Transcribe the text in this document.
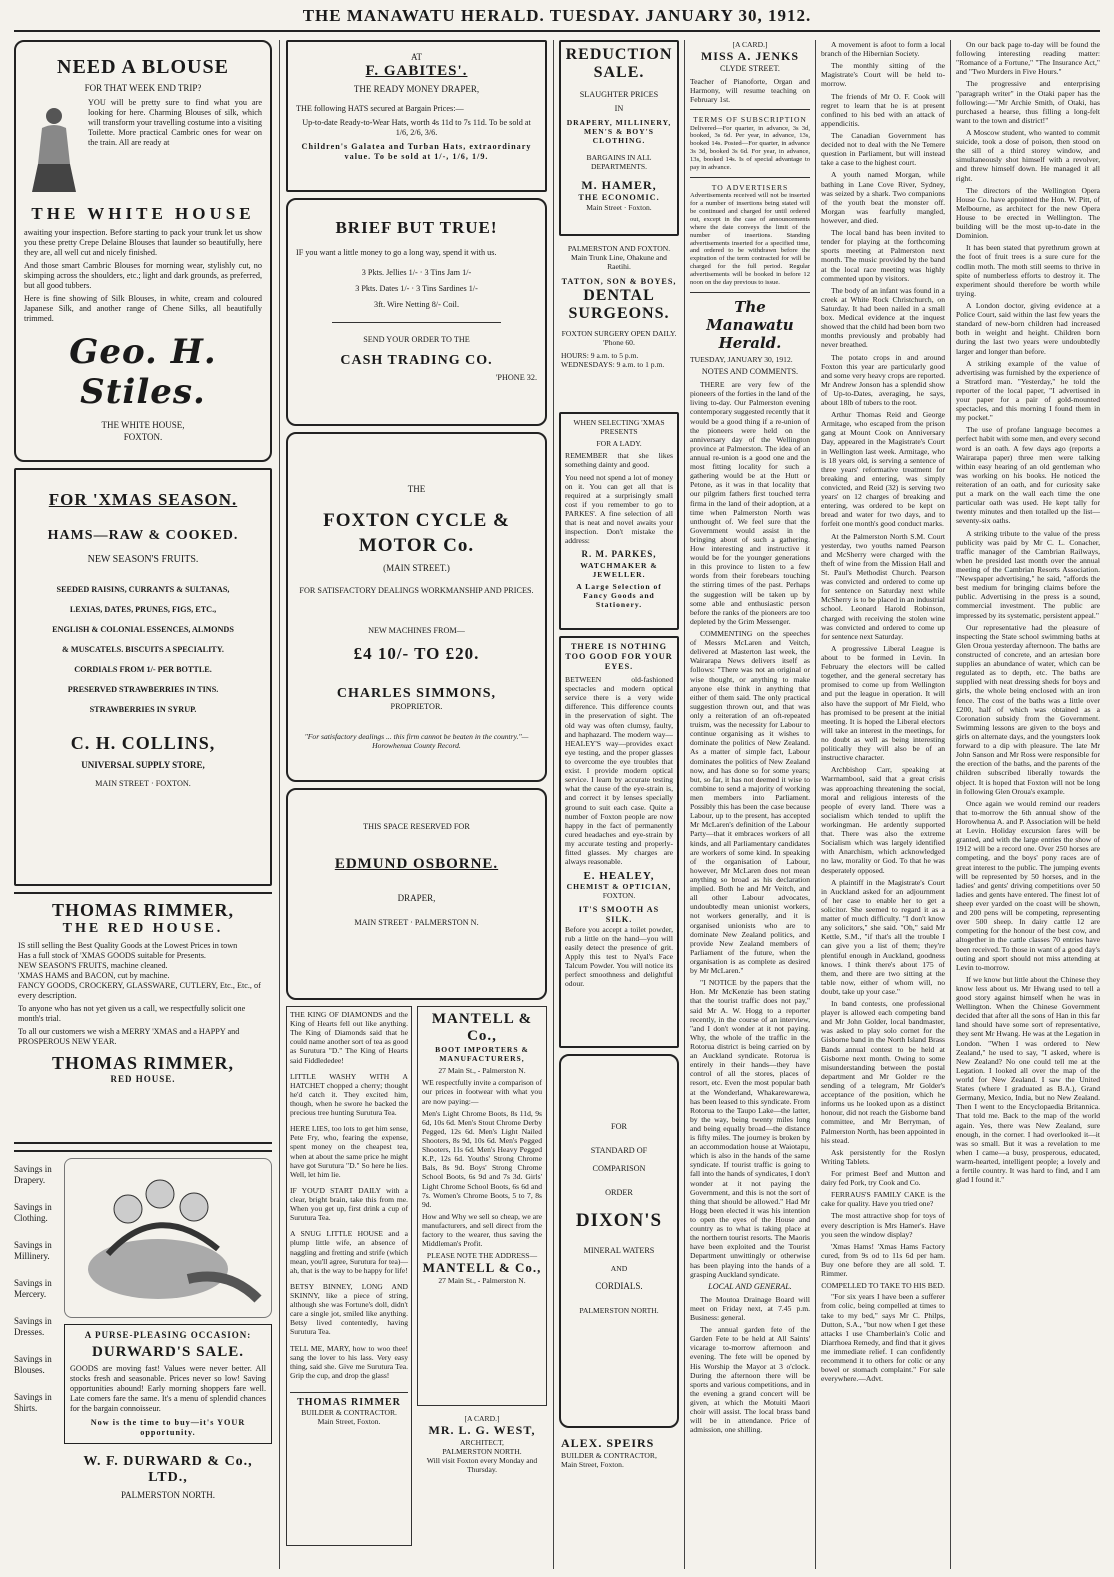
THE MANAWATU HERALD. TUESDAY. JANUARY 30, 1912.
NEED A BLOUSE
FOR THAT WEEK END TRIP?
YOU will be pretty sure to find what you are looking for here. Charming Blouses of silk, which will transform your travelling costume into a visiting Toilette. More practical Cambric ones for wear on the train. All are ready at
THE WHITE HOUSE
awaiting your inspection. Before starting to pack your trunk let us show you these pretty Crepe Delaine Blouses that launder so beautifully, here they are, all well cut and nicely finished.
And those smart Cambric Blouses for morning wear, stylishly cut, no skimping across the shoulders, etc.; light and dark grounds, as preferred, but all good tubbers.
Here is fine showing of Silk Blouses, in white, cream and coloured Japanese Silk, and another range of Chene Silks, all beautifully trimmed.
Geo. H. Stiles.
THE WHITE HOUSE,
FOXTON.
FOR 'XMAS SEASON.
HAMS—RAW & COOKED.
NEW SEASON'S FRUITS.
SEEDED RAISINS, CURRANTS & SULTANAS,
LEXIAS, DATES, PRUNES, FIGS, ETC.,
ENGLISH & COLONIAL ESSENCES, ALMONDS
& MUSCATELS. BISCUITS A SPECIALITY.
CORDIALS FROM 1/- PER BOTTLE.
PRESERVED STRAWBERRIES IN TINS.
STRAWBERRIES IN SYRUP.
C. H. COLLINS,
UNIVERSAL SUPPLY STORE,
MAIN STREET · FOXTON.
THOMAS RIMMER,
THE RED HOUSE.
IS still selling the Best Quality Goods at the Lowest Prices in town
Has a full stock of 'XMAS GOODS suitable for Presents.
NEW SEASON'S FRUITS, machine cleaned.
'XMAS HAMS and BACON, cut by machine.
FANCY GOODS, CROCKERY, GLASSWARE, CUTLERY, Etc., Etc., of every description.
To anyone who has not yet given us a call, we respectfully solicit one month's trial.
To all our customers we wish a MERRY 'XMAS and a HAPPY and PROSPEROUS NEW YEAR.
THOMAS RIMMER,
RED HOUSE.
Savings in Drapery.
Savings in Clothing.
Savings in Millinery.
Savings in Mercery.
Savings in Dresses.
Savings in Blouses.
Savings in Shirts.
A PURSE-PLEASING OCCASION:
DURWARD'S SALE.
GOODS are moving fast! Values were never better. All stocks fresh and seasonable. Prices never so low! Saving opportunities abound! Early morning shoppers fare well. Late comers fare the same. It's a menu of splendid chances for the bargain connoisseur.
Now is the time to buy—it's YOUR opportunity.
W. F. DURWARD & Co., LTD.,
PALMERSTON NORTH.
AT
F. GABITES'.
THE READY MONEY DRAPER,
THE following HATS secured at Bargain Prices:—
Up-to-date Ready-to-Wear Hats, worth 4s 11d to 7s 11d. To be sold at 1/6, 2/6, 3/6.
Children's Galatea and Turban Hats, extraordinary value. To be sold at 1/-, 1/6, 1/9.
BRIEF BUT TRUE!
IF you want a little money to go a long way, spend it with us.
3 Pkts. Jellies 1/- · 3 Tins Jam 1/-
3 Pkts. Dates 1/- · 3 Tins Sardines 1/-
3ft. Wire Netting 8/- Coil.
SEND YOUR ORDER TO THE
CASH TRADING CO.
'PHONE 32.
THE
FOXTON CYCLE & MOTOR Co.
(MAIN STREET.)
FOR SATISFACTORY DEALINGS WORKMANSHIP AND PRICES.
NEW MACHINES FROM—
£4 10/- TO £20.
CHARLES SIMMONS,
PROPRIETOR.
"For satisfactory dealings ... this firm cannot be beaten in the country."—Horowhenua County Record.
THIS SPACE RESERVED FOR
EDMUND OSBORNE.
DRAPER,
MAIN STREET · PALMERSTON N.
THE KING OF DIAMONDS and the King of Hearts fell out like anything. The King of Diamonds said that he could name another sort of tea as good as Surutura "D." The King of Hearts said Fiddlededee!
LITTLE WASHY WITH A HATCHET chopped a cherry; thought he'd catch it. They excited him, though, when he swore he backed the precious tree hunting Surutura Tea.
HERE LIES, too lots to get him sense, Pete Fry, who, fearing the expense, spent money on the cheapest tea, when at about the same price he might have got Surutura "D." So here he lies. Well, let him lie.
IF YOU'D START DAILY with a clear, bright brain, take this from me. When you get up, first drink a cup of Surutura Tea.
A SNUG LITTLE HOUSE and a plump little wife, an absence of naggling and fretting and strife (which mean, you'll agree, Surutura for tea)—ah, that is the way to be happy for life!
BETSY BINNEY, LONG AND SKINNY, like a piece of string, although she was Fortune's doll, didn't care a single jot, smiled like anything. Betsy lived contentedly, having Surutura Tea.
TELL ME, MARY, how to woo thee! sang the lover to his lass. Very easy thing, said she. Give me Surutura Tea. Grip the cup, and drop the glass!
THOMAS RIMMER
BUILDER & CONTRACTOR.
Main Street, Foxton.
MANTELL & Co.,
BOOT IMPORTERS & MANUFACTURERS,
27 Main St., - Palmerston N.
WE respectfully invite a comparison of our prices in footwear with what you are now paying:—
Men's Light Chrome Boots, 8s 11d, 9s 6d, 10s 6d. Men's Stout Chrome Derby Pegged, 12s 6d. Men's Light Nailed Shooters, 8s 9d, 10s 6d. Men's Pegged Shooters, 11s 6d. Men's Heavy Pegged K.P., 12s 6d. Youths' Strong Chrome Bals, 8s 9d. Boys' Strong Chrome School Boots, 6s 9d and 7s 3d. Girls' Light Chrome School Boots, 6s 6d and 7s. Women's Chrome Boots, 5 to 7, 8s 9d.
How and Why we sell so cheap, we are manufacturers, and sell direct from the factory to the wearer, thus saving the Middleman's Profit.
PLEASE NOTE THE ADDRESS—
MANTELL & Co.,
27 Main St., - Palmerston N.
[A CARD.]
MR. L. G. WEST,
ARCHITECT,
PALMERSTON NORTH.
Will visit Foxton every Monday and Thursday.
REDUCTION
SALE.
SLAUGHTER PRICES
IN
DRAPERY, MILLINERY, MEN'S & BOY'S CLOTHING.
BARGAINS IN ALL DEPARTMENTS.
M. HAMER,
THE ECONOMIC.
Main Street · Foxton.
PALMERSTON AND FOXTON.
Main Trunk Line, Ohakune and Raetihi.
TATTON, SON & BOYES,
DENTAL SURGEONS.
FOXTON SURGERY OPEN DAILY.
'Phone 60.
HOURS: 9 a.m. to 5 p.m.
WEDNESDAYS: 9 a.m. to 1 p.m.
WHEN SELECTING 'XMAS PRESENTS
FOR A LADY.
REMEMBER that she likes something dainty and good.
You need not spend a lot of money on it. You can get all that is required at a surprisingly small cost if you remember to go to PARKES'. A fine selection of all that is neat and novel awaits your inspection. Don't mistake the address:
R. M. PARKES,
WATCHMAKER & JEWELLER.
A Large Selection of Fancy Goods and Stationery.
THERE IS NOTHING TOO GOOD FOR YOUR EYES.
BETWEEN old-fashioned spectacles and modern optical service there is a very wide difference. This difference counts in the preservation of sight. The old way was often clumsy, faulty, and haphazard. The modern way—HEALEY'S way—provides exact eye testing, and the proper glasses to overcome the eye troubles that exist. I provide modern optical service. I learn by accurate testing what the cause of the eye-strain is, and correct it by lenses specially ground to suit each case. Quite a number of Foxton people are now happy in the fact of permanently cured headaches and eye-strain by my accurate testing and properly-fitted glasses. My charges are always reasonable.
E. HEALEY,
CHEMIST & OPTICIAN,
FOXTON.
IT'S SMOOTH AS SILK.
Before you accept a toilet powder, rub a little on the hand—you will easily detect the presence of grit. Apply this test to Nyal's Face Talcum Powder. You will notice its perfect smoothness and delightful odour.
FOR
STANDARD OF
COMPARISON
ORDER
DIXON'S
MINERAL WATERS
AND
CORDIALS.
PALMERSTON NORTH.
ALEX. SPEIRS
BUILDER & CONTRACTOR,
Main Street, Foxton.
[A CARD.]
MISS A. JENKS
CLYDE STREET.
Teacher of Pianoforte, Organ and Harmony, will resume teaching on February 1st.
TERMS OF SUBSCRIPTION
Delivered—For quarter, in advance, 3s 3d, booked, 3s 6d. Per year, in advance, 13s, booked 14s. Posted—For quarter, in advance 3s 3d, booked 3s 6d. For year, in advance, 13s, booked 14s. Is of special advantage to pay in advance.
TO ADVERTISERS
Advertisements received will not be inserted for a number of insertions being stated will be continued and charged for until ordered out, except in the case of announcements where the date conveys the limit of the number of insertions. Standing advertisements inserted for a specified time, and ordered to be withdrawn before the expiration of the term contracted for will be charged for the full period. Regular advertisements will be booked in before 12 noon on the day previous to issue.
The Manawatu Herald.
TUESDAY, JANUARY 30, 1912.
NOTES AND COMMENTS.
THERE are very few of the pioneers of the forties in the land of the living to-day. Our Palmerston evening contemporary suggested recently that it would be a good thing if a re-union of the pioneers were held on the anniversary day of the Wellington province at Palmerston. The idea of an annual re-union is a good one and the most fitting locality for such a gathering would be at the Hutt or Petone, as it was in that locality that our pilgrim fathers first touched terra firma in the land of their adoption, at a time when Palmerston North was unthought of. We feel sure that the Government would assist in the bringing about of such a gathering. How interesting and instructive it would be for the younger generations in this province to listen to a few words from their forebears touching the stirring times of the past. Perhaps the suggestion will be taken up by some able and enthusiastic person before the ranks of the pioneers are too depleted by the Grim Messenger.
COMMENTING on the speeches of Messrs McLaren and Veitch, delivered at Masterton last week, the Wairarapa News delivers itself as follows: "There was not an original or wise thought, or anything to make anyone else think in anything that either of them said. The only practical suggestion thrown out, and that was only a reiteration of an oft-repeated truism, was the necessity for Labour to continue organising as it wishes to dominate the politics of New Zealand. As a matter of simple fact, Labour dominates the politics of New Zealand now, and has done so for some years; but, so far, it has not deemed it wise to combine to send a majority of working men members into Parliament. Possibly this has been the case because Labour, up to the present, has accepted Mr McLaren's definition of the Labour Party—that it embraces workers of all kinds, and all Parliamentary candidates are workers of some kind. In speaking of the organisation of Labour, however, Mr McLaren does not mean anything so broad as his declaration implied. Both he and Mr Veitch, and all other Labour advocates, undoubtedly mean unionist workers, not workers generally, and it is organised unionists who are to dominate New Zealand politics, and provide New Zealand members of Parliament of the future, when the organisation is as complete as desired by Mr McLaren."
"I NOTICE by the papers that the Hon. Mr McKenzie has been stating that the tourist traffic does not pay," said Mr A. W. Hogg to a reporter recently, in the course of an interview, "and I don't wonder at it not paying. Why, the whole of the traffic in the Rotorua district is being carried on by an Auckland syndicate. Rotorua is entirely in their hands—they have control of all the stores, places of resort, etc. Even the most popular bath at the Wonderland, Whakarewarewa, has been leased to this syndicate. From Rotorua to the Taupo Lake—the latter, by the way, being twenty miles long and being equally broad—the distance is fifty miles. The journey is broken by an accommodation house at Waiotapu, which is also in the hands of the same syndicate. If tourist traffic is going to fall into the hands of syndicates, I don't wonder at it not paying the Government, and this is not the sort of thing that should be allowed." Had Mr Hogg been elected it was his intention to open the eyes of the House and country as to what is taking place at the northern tourist resorts. The Maoris have been exploited and the Tourist Department unwittingly or otherwise has been playing into the hands of a grasping Auckland syndicate.
LOCAL AND GENERAL.
The Moutoa Drainage Board will meet on Friday next, at 7.45 p.m. Business: general.
The annual garden fete of the Garden Fete to be held at All Saints' vicarage to-morrow afternoon and evening. The fete will be opened by His Worship the Mayor at 3 o'clock. During the afternoon there will be sports and various competitions, and in the evening a grand concert will be given, at which the Motuiti Maori choir will assist. The local brass band will be in attendance. Price of admission, one shilling.
A movement is afoot to form a local branch of the Hibernian Society.
The monthly sitting of the Magistrate's Court will be held to-morrow.
The friends of Mr O. F. Cook will regret to learn that he is at present confined to his bed with an attack of appendicitis.
The Canadian Government has decided not to deal with the Ne Temere question in Parliament, but will instead take a case to the highest court.
A youth named Morgan, while bathing in Lane Cove River, Sydney, was seized by a shark. Two companions of the youth beat the monster off. Morgan was fearfully mangled, however, and died.
The local band has been invited to tender for playing at the forthcoming sports meeting at Palmerston next month. The music provided by the band at the local race meeting was highly commented upon by visitors.
The body of an infant was found in a creek at White Rock Christchurch, on Saturday. It had been nailed in a small box. Medical evidence at the inquest showed that the child had been born two months previously and probably had never breathed.
The potato crops in and around Foxton this year are particularly good and some very heavy crops are reported. Mr Andrew Jonson has a splendid show of Up-to-Dates, averaging, he says, about 18lb of tubers to the root.
Arthur Thomas Reid and George Armitage, who escaped from the prison gang at Mount Cook on Anniversary Day, appeared in the Magistrate's Court in Wellington last week. Armitage, who is 18 years old, is serving a sentence of three years' reformative treatment for breaking and entering, was simply convicted, and Reid (32) is serving two years' on 12 charges of breaking and entering, was ordered to be kept on bread and water for two days, and to forfeit one month's good conduct marks.
At the Palmerston North S.M. Court yesterday, two youths named Pearson and McSherry were charged with the theft of wine from the Mission Hall and St. Paul's Methodist Church. Pearson was convicted and ordered to come up for sentence on Saturday next while McSherry is to be placed in an industrial school. Leonard Harold Robinson, charged with receiving the stolen wine was convicted and ordered to come up for sentence next Saturday.
A progressive Liberal League is about to be formed in Levin. In February the electors will be called together, and the general secretary has promised to come up from Wellington and put the league in operation. It will also have the support of Mr Field, who has promised to be present at the initial meeting. It is hoped the Liberal electors will take an interest in the meetings, for no doubt as well as being interesting politically they will also be of an instructive character.
Archbishop Carr, speaking at Warrnambool, said that a great crisis was approaching threatening the social, moral and religious interests of the people of every land. There was a socialism which tended to uplift the workingman. He ardently supported that. There was also the extreme Socialism which was largely identified with Anarchism, which acknowledged no law, morality or God. To that he was desperately opposed.
A plaintiff in the Magistrate's Court in Auckland asked for an adjournment of her case to enable her to get a solicitor. She seemed to regard it as a matter of much difficulty. "I don't know any solicitors," she said. "Oh," said Mr Kettle, S.M., "if that's all the trouble I can give you a list of them; they're plentiful enough in Auckland, goodness knows. I think there's about 175 of them, and there are two sitting at the table now, either of whom will, no doubt, take up your case."
In band contests, one professional player is allowed each competing band and Mr John Golder, local bandmaster, was asked to play solo cornet for the Gisborne band in the North Island Brass Bands annual contest to be held at Gisborne next month. Owing to some misunderstanding between the postal department and Mr Golder re the sending of a telegram, Mr Golder's acceptance of the position, which he informs us he looked upon as a distinct honour, did not reach the Gisborne band committee, and Mr Berryman, of Palmerston North, has been appointed in his stead.
Ask persistently for the Roslyn Writing Tablets.
For primest Beef and Mutton and dairy fed Pork, try Cook and Co.
FERRAUS'S FAMILY CAKE is the cake for quality. Have you tried one?
The most attractive shop for toys of every description is Mrs Hamer's. Have you seen the window display?
'Xmas Hams! 'Xmas Hams Factory cured, from 9s od to 11s 6d per ham. Buy one before they are all sold. T. Rimmer.
COMPELLED TO TAKE TO HIS BED.
"For six years I have been a sufferer from colic, being compelled at times to take to my bed," says Mr C. Philps, Dutton, S.A., "but now when I get these attacks I use Chamberlain's Colic and Diarrhoea Remedy, and find that it gives me immediate relief. I can confidently recommend it to others for colic or any bowel or stomach complaint." For sale everywhere.—Advt.
On our back page to-day will be found the following interesting reading matter: "Romance of a Fortune," "The Insurance Act," and "Two Murders in Five Hours."
The progressive and enterprising "paragraph writer" in the Otaki paper has the following:—"Mr Archie Smith, of Otaki, has purchased a hearse, thus filling a long-felt want to the town and district!"
A Moscow student, who wanted to commit suicide, took a dose of poison, then stood on the sill of a third storey window, and simultaneously shot himself with a revolver, and threw himself down. He managed it all right.
The directors of the Wellington Opera House Co. have appointed the Hon. W. Pitt, of Melbourne, as architect for the new Opera House to be erected in Wellington. The building will be the most up-to-date in the Dominion.
It has been stated that pyrethrum grown at the foot of fruit trees is a sure cure for the codlin moth. The moth still seems to thrive in spite of numberless efforts to destroy it. The experiment should therefore be worth while trying.
A London doctor, giving evidence at a Police Court, said within the last few years the standard of new-born children had increased both in weight and height. Children born during the last two years were undoubtedly larger and longer than before.
A striking example of the value of advertising was furnished by the experience of a Stratford man. "Yesterday," he told the reporter of the local paper, "I advertised in your paper for a pair of gold-mounted spectacles, and this morning I found them in my pocket."
The use of profane language becomes a perfect habit with some men, and every second word is an oath. A few days ago (reports a Wairarapa paper) three men were talking within easy hearing of an old gentleman who was working on his books. He noticed the reiteration of an oath, and for curiosity sake put a mark on the wall each time the one particular oath was used. He kept tally for twenty minutes and then totalled up the list—seventy-six oaths.
A striking tribute to the value of the press publicity was paid by Mr C. L. Conacher, traffic manager of the Cambrian Railways, when he presided last month over the annual meeting of the Cambrian Resorts Association. "Newspaper advertising," he said, "affords the best medium for bringing claims before the public. Advertising in the press is a sound, commercial investment. The public are impressed by its systematic, persistent appeal."
Our representative had the pleasure of inspecting the State school swimming baths at Glen Oroua yesterday afternoon. The baths are constructed of concrete, and an artesian bore supplies an abundance of water, which can be regulated as to depth, etc. The baths are supplied with neat dressing sheds for boys and girls, the whole being enclosed with an iron fence. The cost of the baths was a little over £200, half of which was obtained as a Coronation subsidy from the Government. Swimming lessons are given to the boys and girls on alternate days, and the youngsters look forward to a dip with pleasure. The late Mr John Sanson and Mr Ross were responsible for the erection of the baths, and the parents of the children subscribed liberally towards the object. It is hoped that Foxton will not be long in following Glen Oroua's example.
Once again we would remind our readers that to-morrow the 6th annual show of the Horowhenua A. and P. Association will be held at Levin. Holiday excursion fares will be granted, and with the large entries the show of 1912 will be a record one. Over 250 horses are competing, and the boys' pony races are of great interest to the public. The jumping events will be represented by 50 horses, and in the ladies' and gents' driving competitions over 50 ladies and gents have entered. The finest lot of sheep ever yarded on the coast will be shown, and 200 pens will be competing, representing over 500 sheep. In dairy cattle 12 are competing for the honour of the best cow, and altogether in the cattle classes 70 entries have been received. To those in want of a good day's outing and sport should not miss attending at Levin to-morrow.
If we know but little about the Chinese they know less about us. Mr Hwang used to tell a good story against himself when he was in Wellington. When the Chinese Government decided that after all the sons of Han in this far land should have some sort of representative, they sent Mr Hwang. He was at the Legation in London. "When I was ordered to New Zealand," he used to say, "I asked, where is New Zealand? No one could tell me at the Legation. I looked all over the map of the world for New Zealand. I saw the United States (where I graduated as B.A.), Grand Germany, Mexico, India, but no New Zealand. Then I went to the Encyclopaedia Britannica. That told me. Back to the map of the world again. Yes, there was New Zealand, sure enough, in the corner. I had overlooked it—it was so small. But it was a revelation to me when I came—a busy, prosperous, educated, warm-hearted, intelligent people; a lovely and a fertile country. It was hard to find, and I am glad I found it."
